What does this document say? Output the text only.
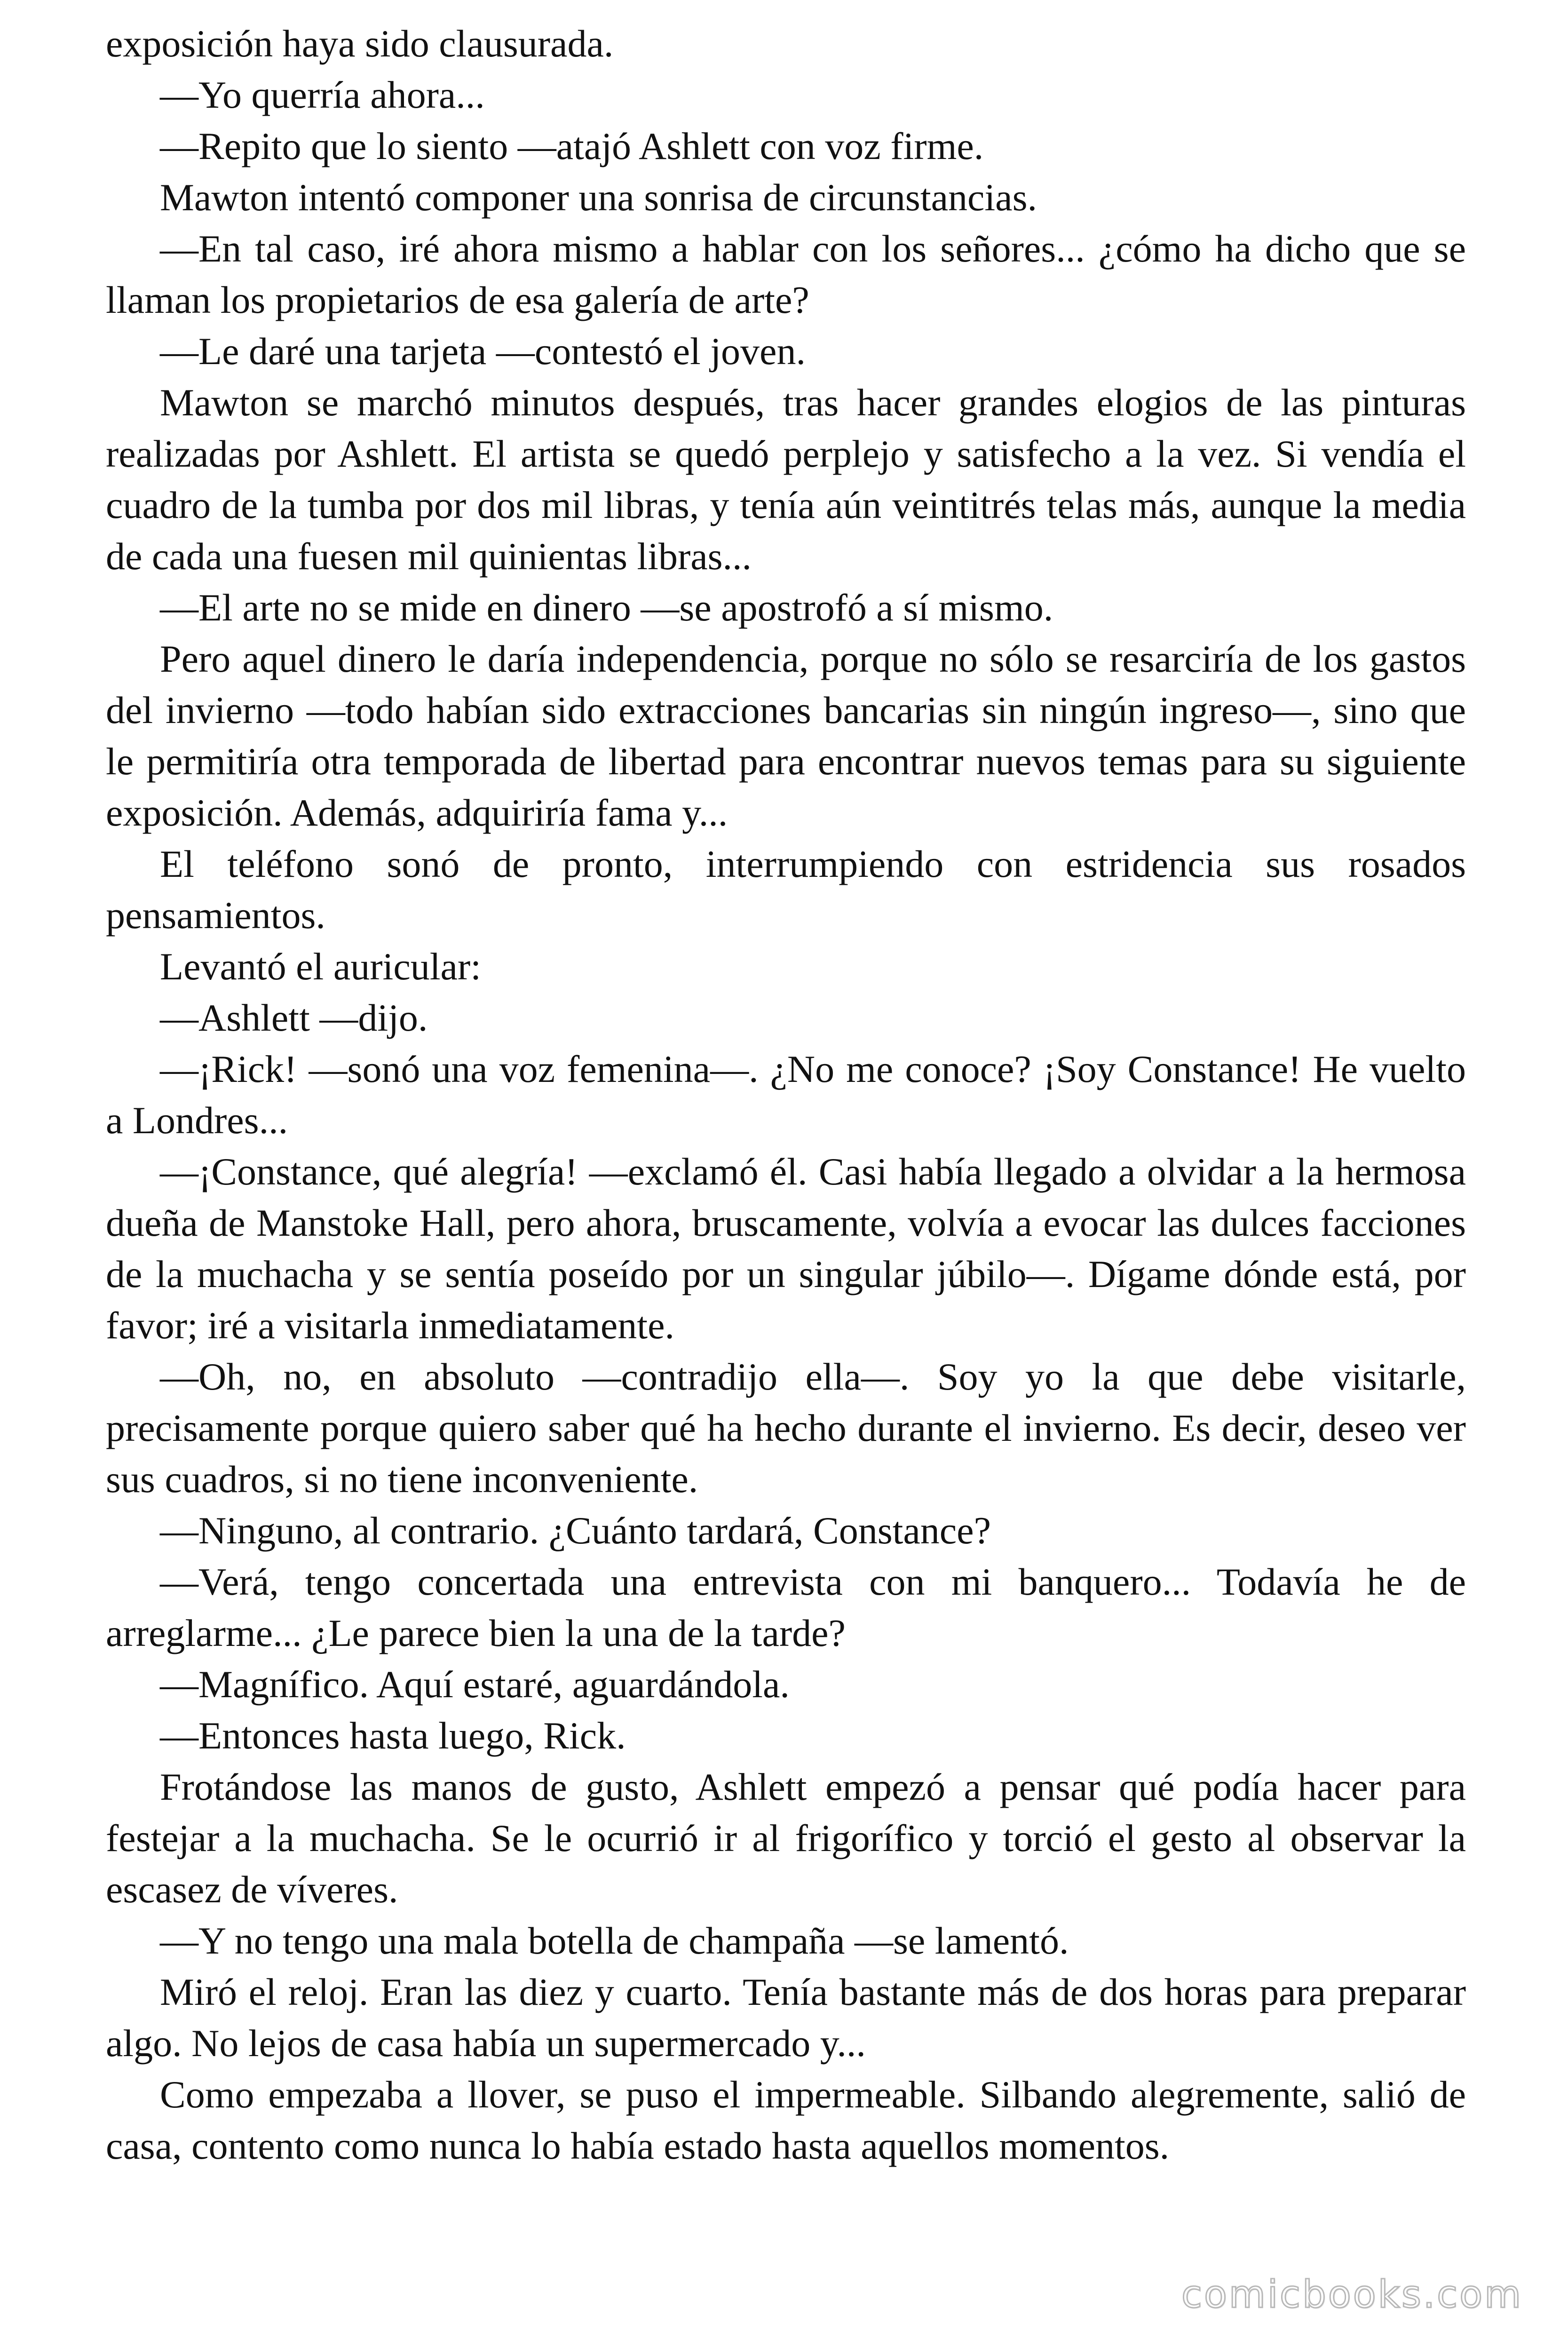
exposición haya sido clausurada.

—Yo querría ahora...

—Repito que lo siento —atajó Ashlett con voz firme.

Mawton intentó componer una sonrisa de circunstancias.

—En tal caso, iré ahora mismo a hablar con los señores... ¿cómo ha dicho que se llaman los propietarios de esa galería de arte?

—Le daré una tarjeta —contestó el joven.

Mawton se marchó minutos después, tras hacer grandes elogios de las pinturas realizadas por Ashlett. El artista se quedó perplejo y satisfecho a la vez. Si vendía el cuadro de la tumba por dos mil libras, y tenía aún veintitrés telas más, aunque la media de cada una fuesen mil quinientas libras...

—El arte no se mide en dinero —se apostrofó a sí mismo.

Pero aquel dinero le daría independencia, porque no sólo se resarciría de los gastos del invierno —todo habían sido extracciones bancarias sin ningún ingreso—, sino que le permitiría otra temporada de libertad para encontrar nuevos temas para su siguiente exposición. Además, adquiriría fama y...

El teléfono sonó de pronto, interrumpiendo con estridencia sus rosados pensamientos.

Levantó el auricular:

—Ashlett —dijo.

—¡Rick! —sonó una voz femenina—. ¿No me conoce? ¡Soy Constance! He vuelto a Londres...

—¡Constance, qué alegría! —exclamó él. Casi había llegado a olvidar a la hermosa dueña de Manstoke Hall, pero ahora, bruscamente, volvía a evocar las dulces facciones de la muchacha y se sentía poseído por un singular júbilo—. Dígame dónde está, por favor; iré a visitarla inmediatamente.

—Oh, no, en absoluto —contradijo ella—. Soy yo la que debe visitarle, precisamente porque quiero saber qué ha hecho durante el invierno. Es decir, deseo ver sus cuadros, si no tiene inconveniente.

—Ninguno, al contrario. ¿Cuánto tardará, Constance?

—Verá, tengo concertada una entrevista con mi banquero... Todavía he de arreglarme... ¿Le parece bien la una de la tarde?

—Magnífico. Aquí estaré, aguardándola.

—Entonces hasta luego, Rick.

Frotándose las manos de gusto, Ashlett empezó a pensar qué podía hacer para festejar a la muchacha. Se le ocurrió ir al frigorífico y torció el gesto al observar la escasez de víveres.

—Y no tengo una mala botella de champaña —se lamentó.

Miró el reloj. Eran las diez y cuarto. Tenía bastante más de dos horas para preparar algo. No lejos de casa había un supermercado y...

Como empezaba a llover, se puso el impermeable. Silbando alegremente, salió de casa, contento como nunca lo había estado hasta aquellos momentos.

comicbooks.com
